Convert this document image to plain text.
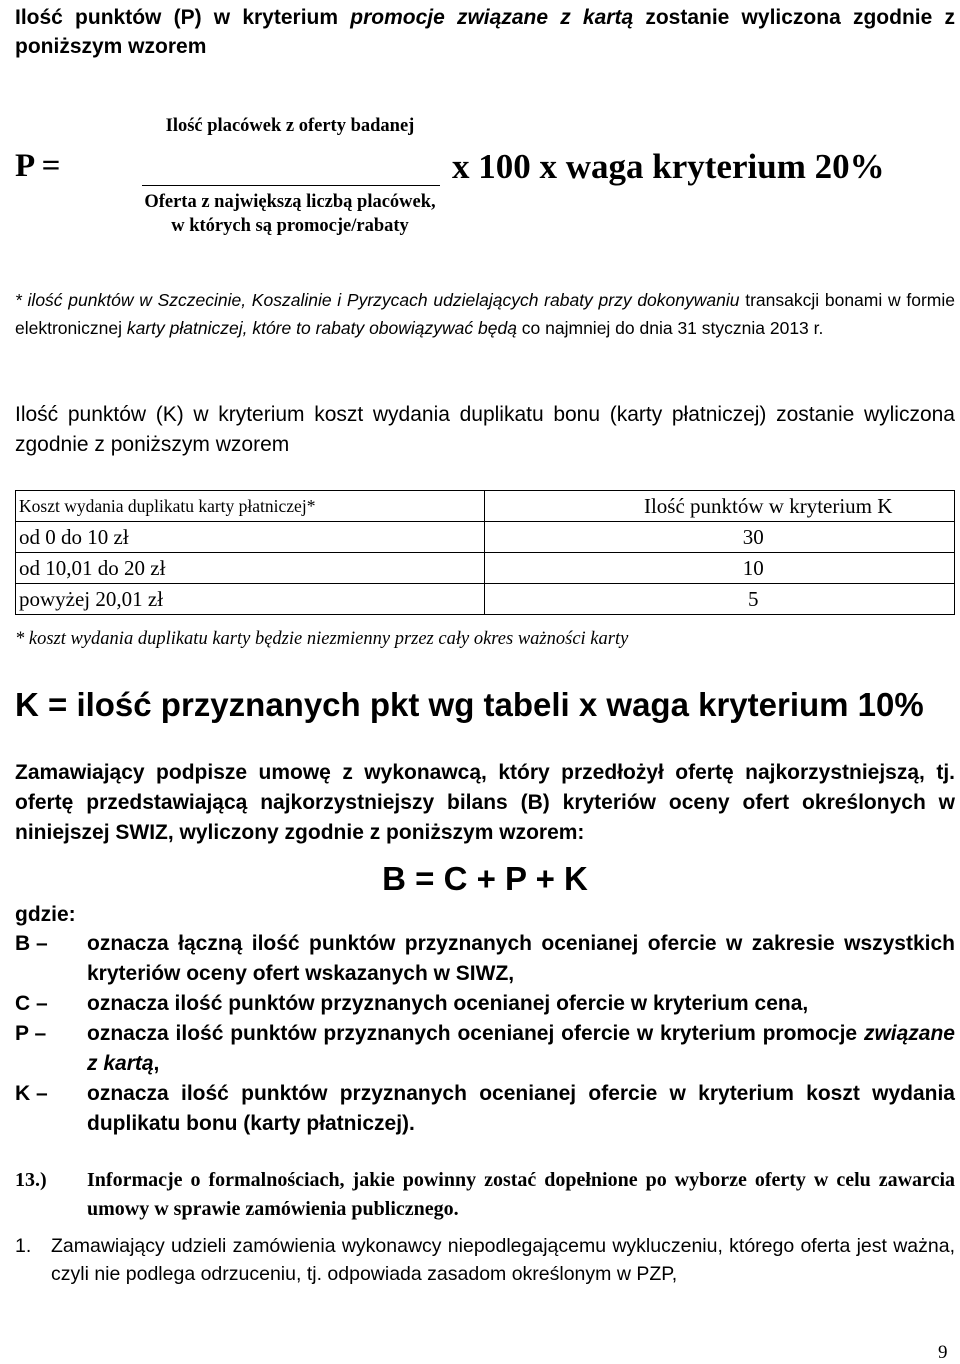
Ilość punktów (P) w kryterium promocje związane z kartą zostanie wyliczona zgodnie z poniższym wzorem
P =
Ilość placówek z oferty badanej
Oferta z największą liczbą placówek, w których są promocje/rabaty
x 100 x waga kryterium 20%
* ilość punktów w Szczecinie, Koszalinie i Pyrzycach udzielających rabaty przy dokonywaniu transakcji bonami w formie elektronicznej karty płatniczej, które to rabaty obowiązywać będą co najmniej do dnia 31 stycznia 2013 r.
Ilość punktów (K) w kryterium koszt wydania duplikatu bonu (karty płatniczej) zostanie wyliczona zgodnie z poniższym wzorem
Koszt wydania duplikatu karty płatniczej*	Ilość punktów w kryterium K
od 0 do 10 zł	30
od 10,01 do 20 zł	10
powyżej 20,01 zł	5
* koszt wydania duplikatu karty będzie niezmienny przez cały okres ważności karty
K = ilość przyznanych pkt wg tabeli x waga kryterium 10%
Zamawiający podpisze umowę z wykonawcą, który przedłożył ofertę najkorzystniejszą, tj. ofertę przedstawiającą najkorzystniejszy bilans (B) kryteriów oceny ofert określonych w niniejszej SWIZ, wyliczony zgodnie z poniższym wzorem:
B = C + P + K
gdzie:
B –	oznacza łączną ilość punktów przyznanych ocenianej ofercie w zakresie wszystkich kryteriów oceny ofert wskazanych w SIWZ,
C –	oznacza ilość punktów przyznanych ocenianej ofercie w kryterium cena,
P –	oznacza ilość punktów przyznanych ocenianej ofercie w kryterium promocje związane z kartą,
K –	oznacza ilość punktów przyznanych ocenianej ofercie w kryterium koszt wydania duplikatu bonu (karty płatniczej).
13.) Informacje o formalnościach, jakie powinny zostać dopełnione po wyborze oferty w celu zawarcia umowy w sprawie zamówienia publicznego.
1. Zamawiający udzieli zamówienia wykonawcy niepodlegającemu wykluczeniu, którego oferta jest ważna, czyli nie podlega odrzuceniu, tj. odpowiada zasadom określonym w PZP,
9
